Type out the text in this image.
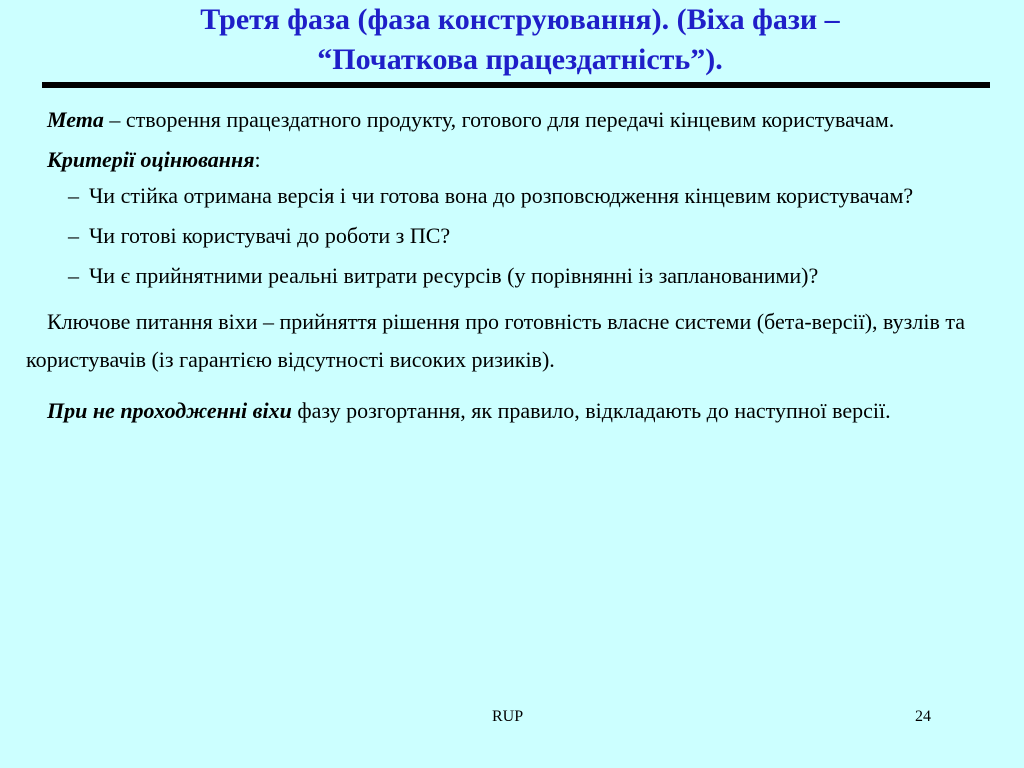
Третя фаза (фаза конструювання). (Віха фази –
“Початкова працездатність”).

Мета – створення працездатного продукту, готового для передачі кінцевим користувачам.

Критерії оцінювання:

– Чи стійка отримана версія і чи готова вона до розповсюдження кінцевим користувачам?
– Чи готові користувачі до роботи з ПС?
– Чи є прийнятними реальні витрати ресурсів (у порівнянні із запланованими)?

Ключове питання віхи – прийняття рішення про готовність власне системи (бета-версії), вузлів та користувачів (із гарантією відсутності високих ризиків).

При не проходженні віхи фазу розгортання, як правило, відкладають до наступної версії.

RUP	24
